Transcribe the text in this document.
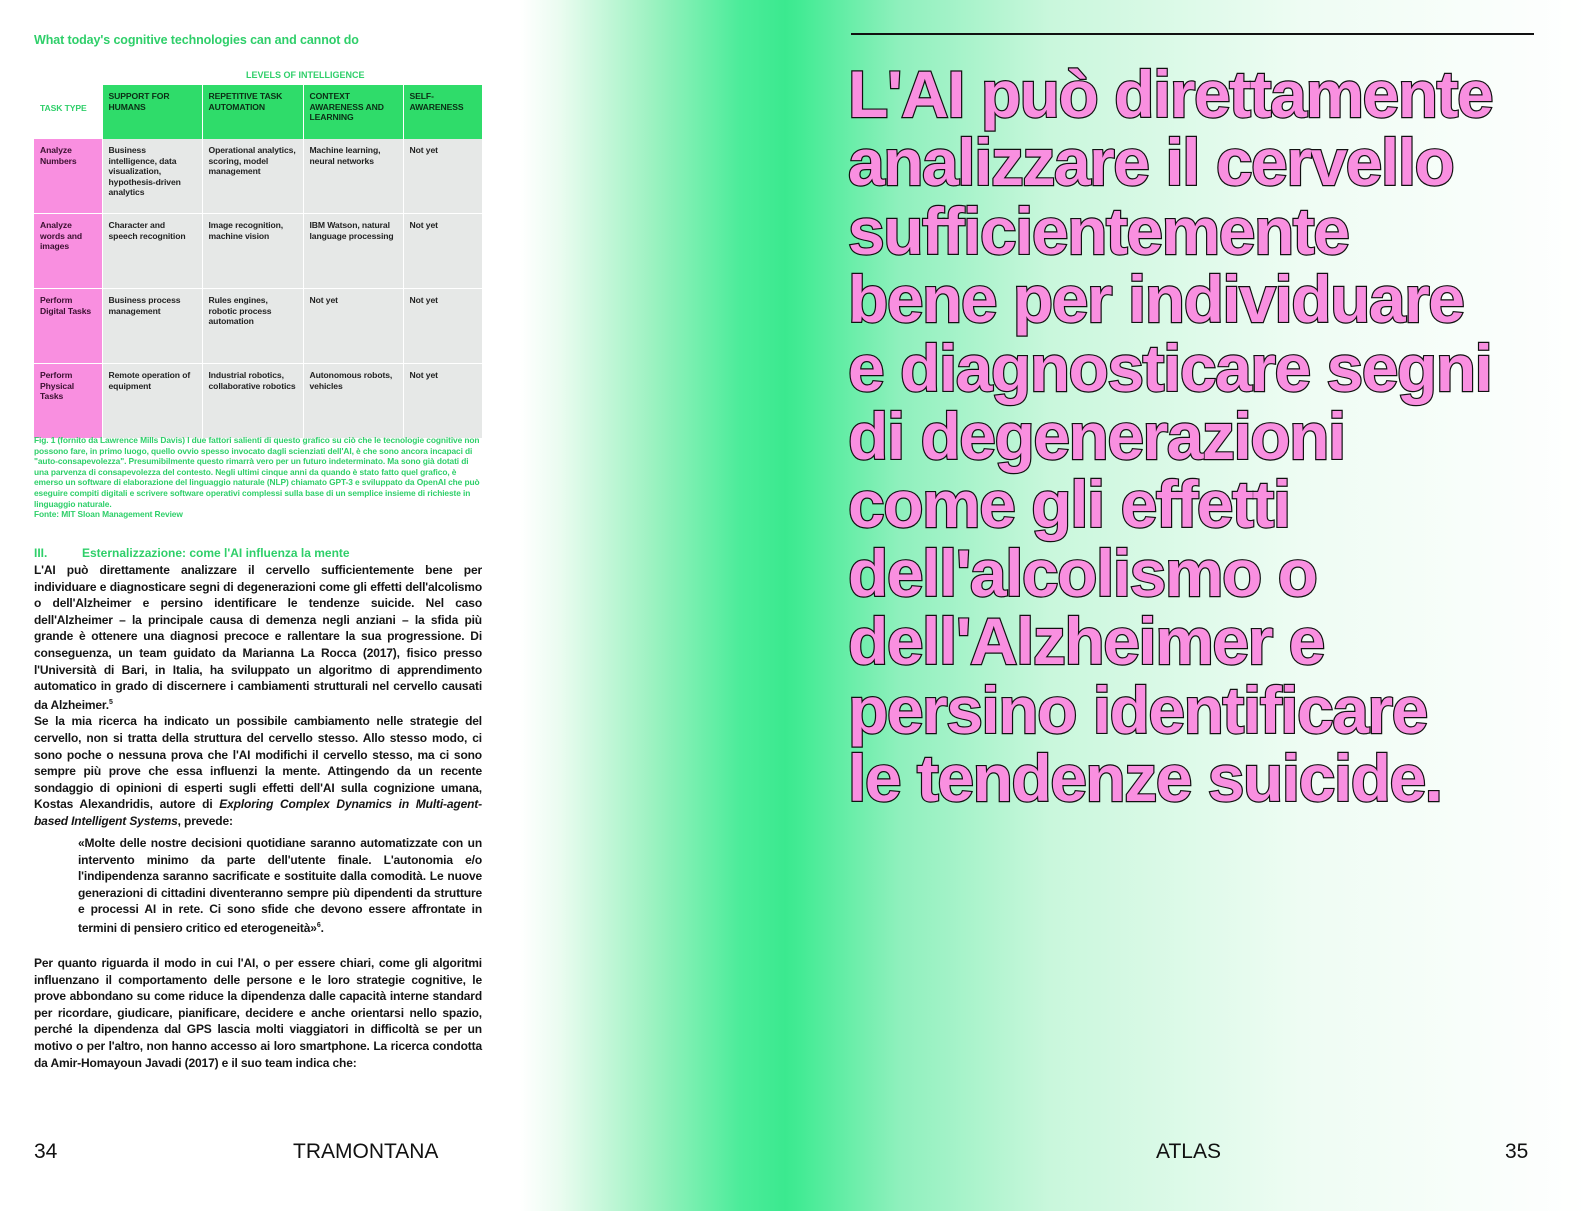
What today's cognitive technologies can and cannot do
LEVELS OF INTELLIGENCE
TASK TYPE	SUPPORT FOR HUMANS	REPETITIVE TASK AUTOMATION	CONTEXT AWARENESS AND LEARNING	SELF-AWARENESS
Analyze Numbers	Business intelligence, data visualization, hypothesis-driven analytics	Operational analytics, scoring, model management	Machine learning, neural networks	Not yet
Analyze words and images	Character and speech recognition	Image recognition, machine vision	IBM Watson, natural language processing	Not yet
Perform Digital Tasks	Business process management	Rules engines, robotic process automation	Not yet	Not yet
Perform Physical Tasks	Remote operation of equipment	Industrial robotics, collaborative robotics	Autonomous robots, vehicles	Not yet
Fig. 1 (fornito da Lawrence Mills Davis) I due fattori salienti di questo grafico su ciò che le tecnologie cognitive non possono fare, in primo luogo, quello ovvio spesso invocato dagli scienziati dell'AI, è che sono ancora incapaci di "auto-consapevolezza". Presumibilmente questo rimarrà vero per un futuro indeterminato. Ma sono già dotati di una parvenza di consapevolezza del contesto. Negli ultimi cinque anni da quando è stato fatto quel grafico, è emerso un software di elaborazione del linguaggio naturale (NLP) chiamato GPT-3 e sviluppato da OpenAI che può eseguire compiti digitali e scrivere software operativi complessi sulla base di un semplice insieme di richieste in linguaggio naturale.
Fonte: MIT Sloan Management Review
III.	Esternalizzazione: come l'AI influenza la mente

L'AI può direttamente analizzare il cervello sufficientemente bene per individuare e diagnosticare segni di degenerazioni come gli effetti dell'alcolismo o dell'Alzheimer e persino identificare le tendenze suicide. Nel caso dell'Alzheimer – la principale causa di demenza negli anziani – la sfida più grande è ottenere una diagnosi precoce e rallentare la sua progressione. Di conseguenza, un team guidato da Marianna La Rocca (2017), fisico presso l'Università di Bari, in Italia, ha sviluppato un algoritmo di apprendimento automatico in grado di discernere i cambiamenti strutturali nel cervello causati da Alzheimer.$^5$

Se la mia ricerca ha indicato un possibile cambiamento nelle strategie del cervello, non si tratta della struttura del cervello stesso. Allo stesso modo, ci sono poche o nessuna prova che l'AI modifichi il cervello stesso, ma ci sono sempre più prove che essa influenzi la mente. Attingendo da un recente sondaggio di opinioni di esperti sugli effetti dell'AI sulla cognizione umana, Kostas Alexandridis, autore di Exploring Complex Dynamics in Multi-agent-based Intelligent Systems, prevede:

«Molte delle nostre decisioni quotidiane saranno automatizzate con un intervento minimo da parte dell'utente finale. L'autonomia e/o l'indipendenza saranno sacrificate e sostituite dalla comodità. Le nuove generazioni di cittadini diventeranno sempre più dipendenti da strutture e processi AI in rete. Ci sono sfide che devono essere affrontate in termini di pensiero critico ed eterogeneità»$^6$.

Per quanto riguarda il modo in cui l'AI, o per essere chiari, come gli algoritmi influenzano il comportamento delle persone e le loro strategie cognitive, le prove abbondano su come riduce la dipendenza dalle capacità interne standard per ricordare, giudicare, pianificare, decidere e anche orientarsi nello spazio, perché la dipendenza dal GPS lascia molti viaggiatori in difficoltà se per un motivo o per l'altro, non hanno accesso ai loro smartphone. La ricerca condotta da Amir-Homayoun Javadi (2017) e il suo team indica che:

L'AI può direttamente
analizzare il cervello
sufficientemente
bene per individuare
e diagnosticare segni
di degenerazioni
come gli effetti
dell'alcolismo o
dell'Alzheimer e
persino identificare
le tendenze suicide.
34	TRAMONTANA	ATLAS	35
